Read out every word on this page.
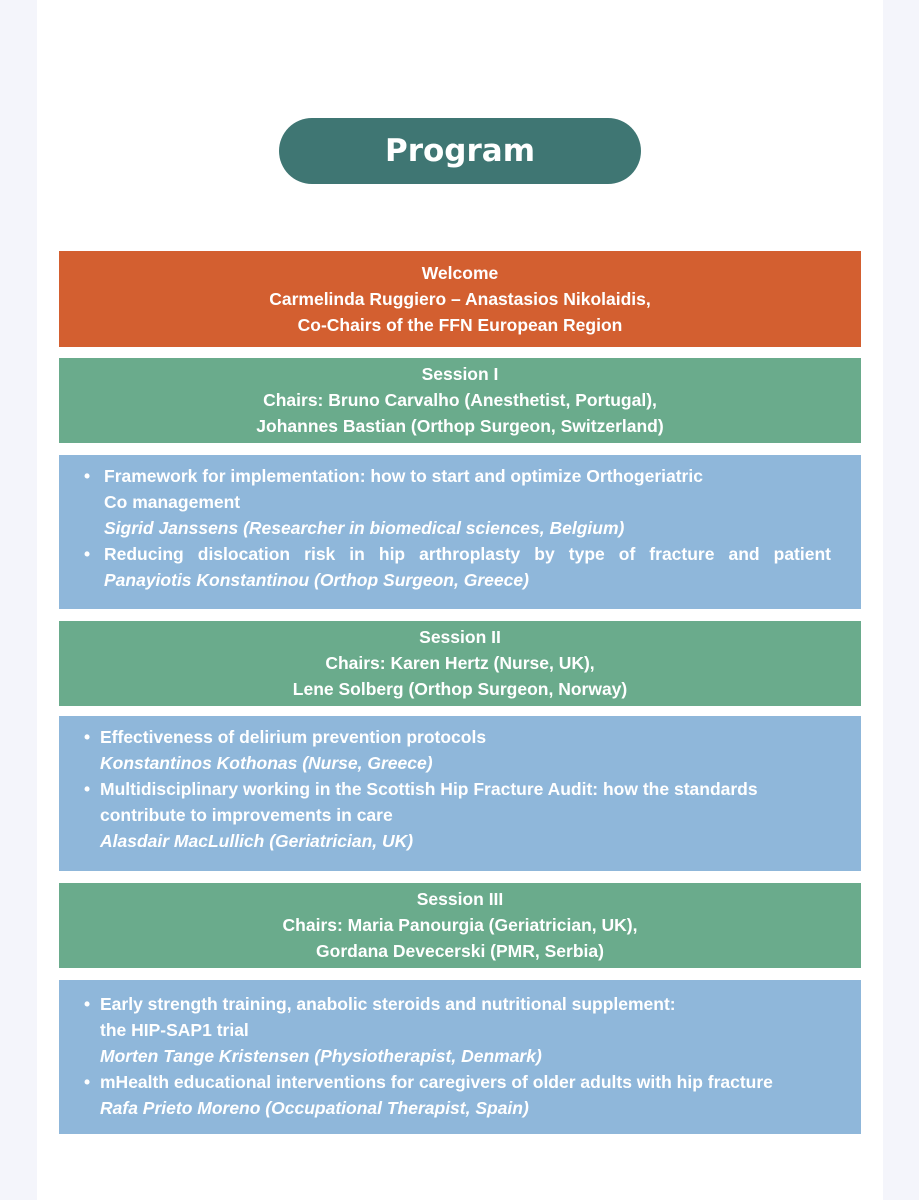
Program
Welcome
Carmelinda Ruggiero – Anastasios Nikolaidis,
Co-Chairs of the FFN European Region
Session I
Chairs: Bruno Carvalho (Anesthetist, Portugal),
Johannes Bastian (Orthop Surgeon, Switzerland)
• Framework for implementation: how to start and optimize Orthogeriatric
Co management
Sigrid Janssens (Researcher in biomedical sciences, Belgium)
• Reducing dislocation risk in hip arthroplasty by type of fracture and patient
Panayiotis Konstantinou (Orthop Surgeon, Greece)
Session II
Chairs: Karen Hertz (Nurse, UK),
Lene Solberg (Orthop Surgeon, Norway)
• Effectiveness of delirium prevention protocols
Konstantinos Kothonas (Nurse, Greece)
• Multidisciplinary working in the Scottish Hip Fracture Audit: how the standards
contribute to improvements in care
Alasdair MacLullich (Geriatrician, UK)
Session III
Chairs: Maria Panourgia (Geriatrician, UK),
Gordana Devecerski (PMR, Serbia)
• Early strength training, anabolic steroids and nutritional supplement:
the HIP-SAP1 trial
Morten Tange Kristensen (Physiotherapist, Denmark)
• mHealth educational interventions for caregivers of older adults with hip fracture
Rafa Prieto Moreno (Occupational Therapist, Spain)
